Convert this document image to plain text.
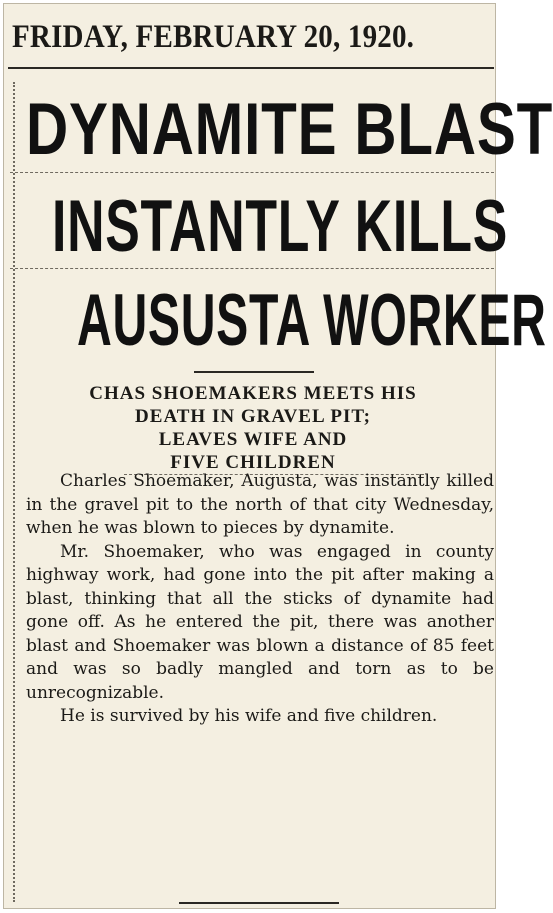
FRIDAY, FEBRUARY 20, 1920.
DYNAMITE BLAST
INSTANTLY KILLS
AUSUSTA WORKER
CHAS SHOEMAKERS MEETS HIS
DEATH IN GRAVEL PIT;
LEAVES WIFE AND
FIVE CHILDREN

Charles Shoemaker, Augusta, was instantly killed in the gravel pit to the north of that city Wednesday, when he was blown to pieces by dynamite.

Mr. Shoemaker, who was engaged in county highway work, had gone into the pit after making a blast, thinking that all the sticks of dynamite had gone off. As he entered the pit, there was another blast and Shoemaker was blown a distance of 85 feet and was so badly mangled and torn as to be unrecognizable.

He is survived by his wife and five children.
